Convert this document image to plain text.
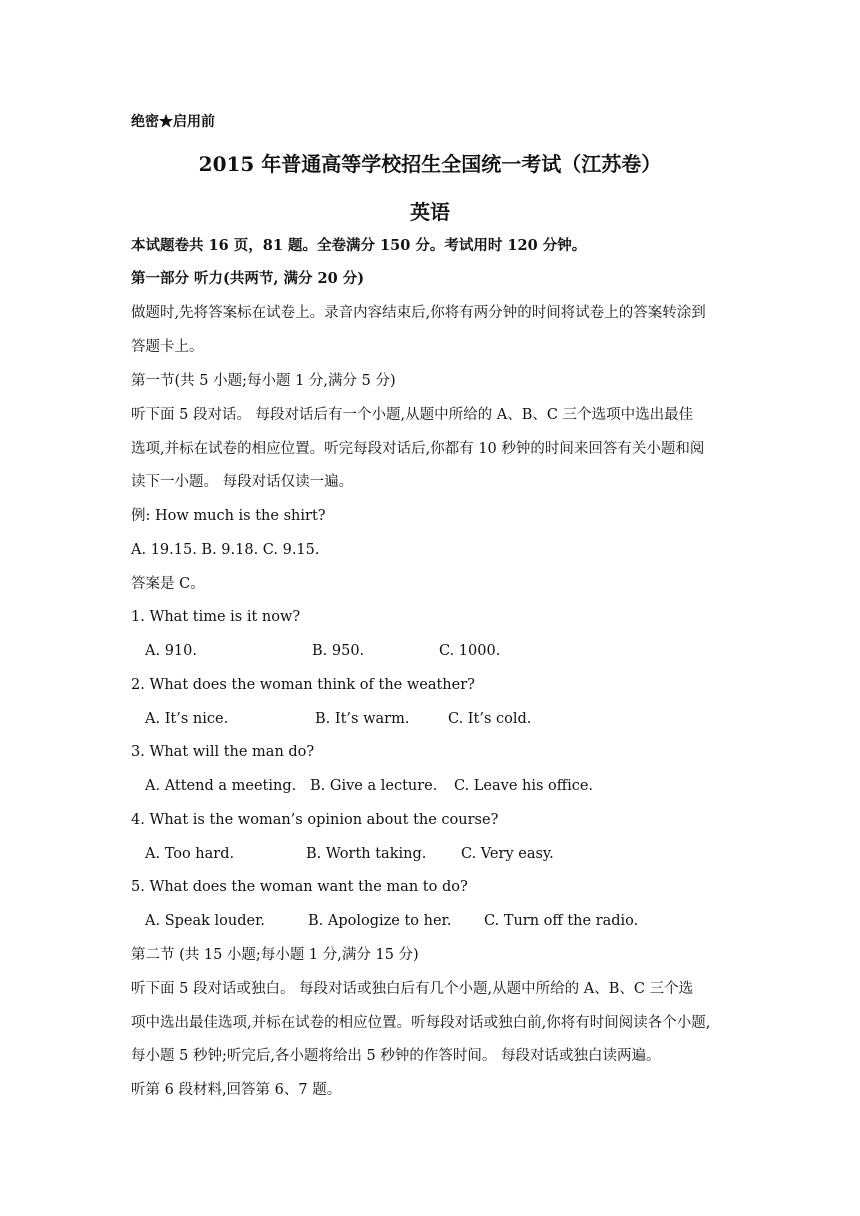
绝密★启用前
2015 年普通高等学校招生全国统一考试（江苏卷）
英语
本试题卷共 16 页，81 题。全卷满分 150 分。考试用时 120 分钟。
第一部分 听力(共两节, 满分 20 分)
做题时,先将答案标在试卷上。录音内容结束后,你将有两分钟的时间将试卷上的答案转涂到
答题卡上。
第一节(共 5 小题;每小题 1 分,满分 5 分)
听下面 5 段对话。 每段对话后有一个小题,从题中所给的 A、B、C 三个选项中选出最佳
选项,并标在试卷的相应位置。听完每段对话后,你都有 10 秒钟的时间来回答有关小题和阅
读下一小题。 每段对话仅读一遍。
例: How much is the shirt?
A. 19.15. B. 9.18. C. 9.15.
答案是 C。
1. What time is it now?
A. 910.	B. 950.	C. 1000.
2. What does the woman think of the weather?
A. It’s nice.	B. It’s warm.	C. It’s cold.
3. What will the man do?
A. Attend a meeting. B. Give a lecture. C. Leave his office.
4. What is the woman’s opinion about the course?
A. Too hard.	B. Worth taking. C. Very easy.
5. What does the woman want the man to do?
A. Speak louder.	B. Apologize to her. C. Turn off the radio.
第二节 (共 15 小题;每小题 1 分,满分 15 分)
听下面 5 段对话或独白。 每段对话或独白后有几个小题,从题中所给的 A、B、C 三个选
项中选出最佳选项,并标在试卷的相应位置。听每段对话或独白前,你将有时间阅读各个小题,
每小题 5 秒钟;听完后,各小题将给出 5 秒钟的作答时间。 每段对话或独白读两遍。
听第 6 段材料,回答第 6、7 题。
